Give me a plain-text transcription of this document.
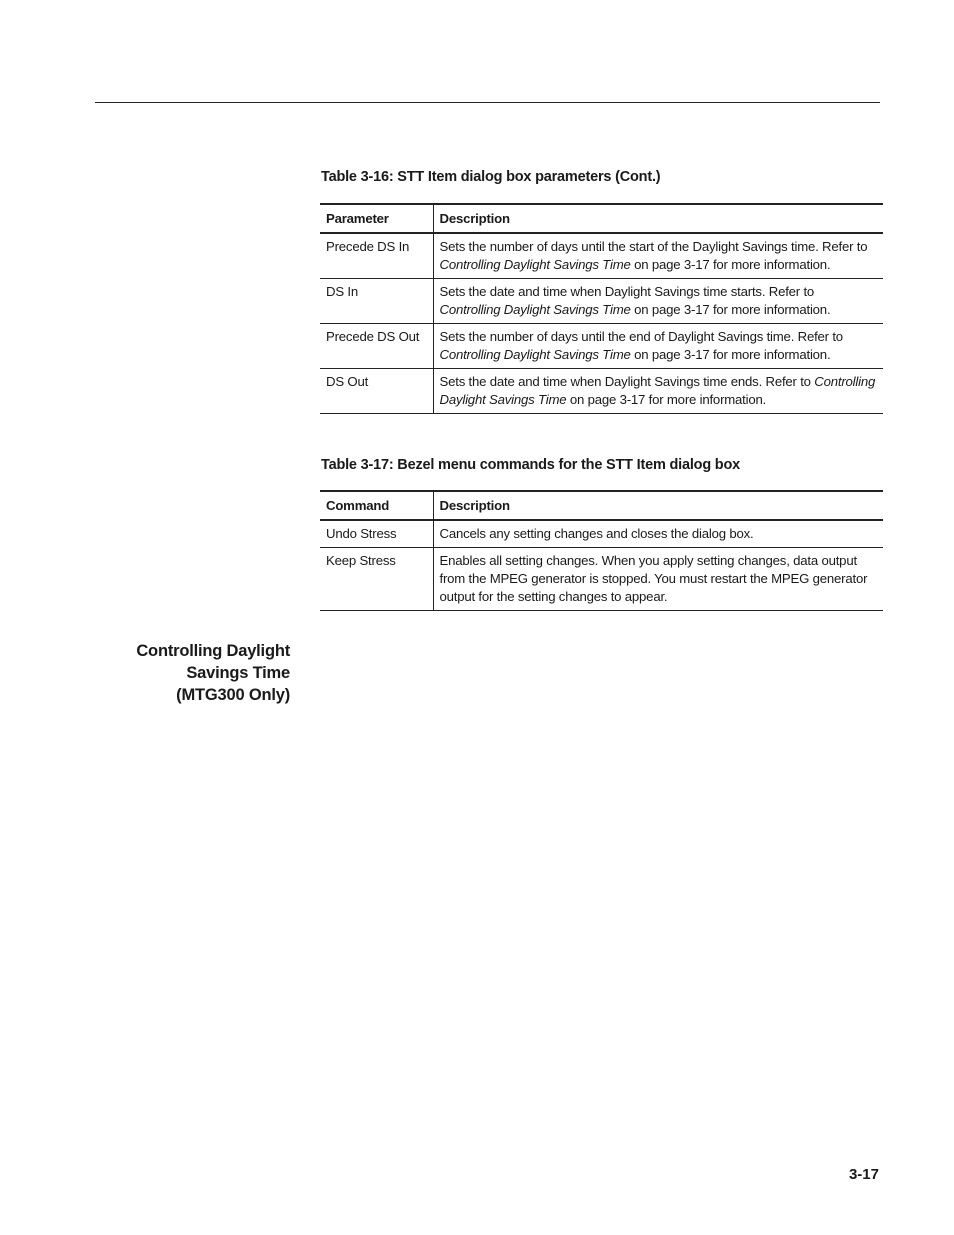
Table 3-16: STT Item dialog box parameters (Cont.)
Parameter	Description
Precede DS In	Sets the number of days until the start of the Daylight Savings time. Refer to Controlling Daylight Savings Time on page 3-17 for more information.
DS In	Sets the date and time when Daylight Savings time starts. Refer to Controlling Daylight Savings Time on page 3-17 for more information.
Precede DS Out	Sets the number of days until the end of Daylight Savings time. Refer to Controlling Daylight Savings Time on page 3-17 for more information.
DS Out	Sets the date and time when Daylight Savings time ends. Refer to Controlling Daylight Savings Time on page 3-17 for more information.
Table 3-17: Bezel menu commands for the STT Item dialog box
Command	Description
Undo Stress	Cancels any setting changes and closes the dialog box.
Keep Stress	Enables all setting changes. When you apply setting changes, data output from the MPEG generator is stopped. You must restart the MPEG generator output for the setting changes to appear.
Controlling Daylight
Savings Time
(MTG300 Only)
3-17
